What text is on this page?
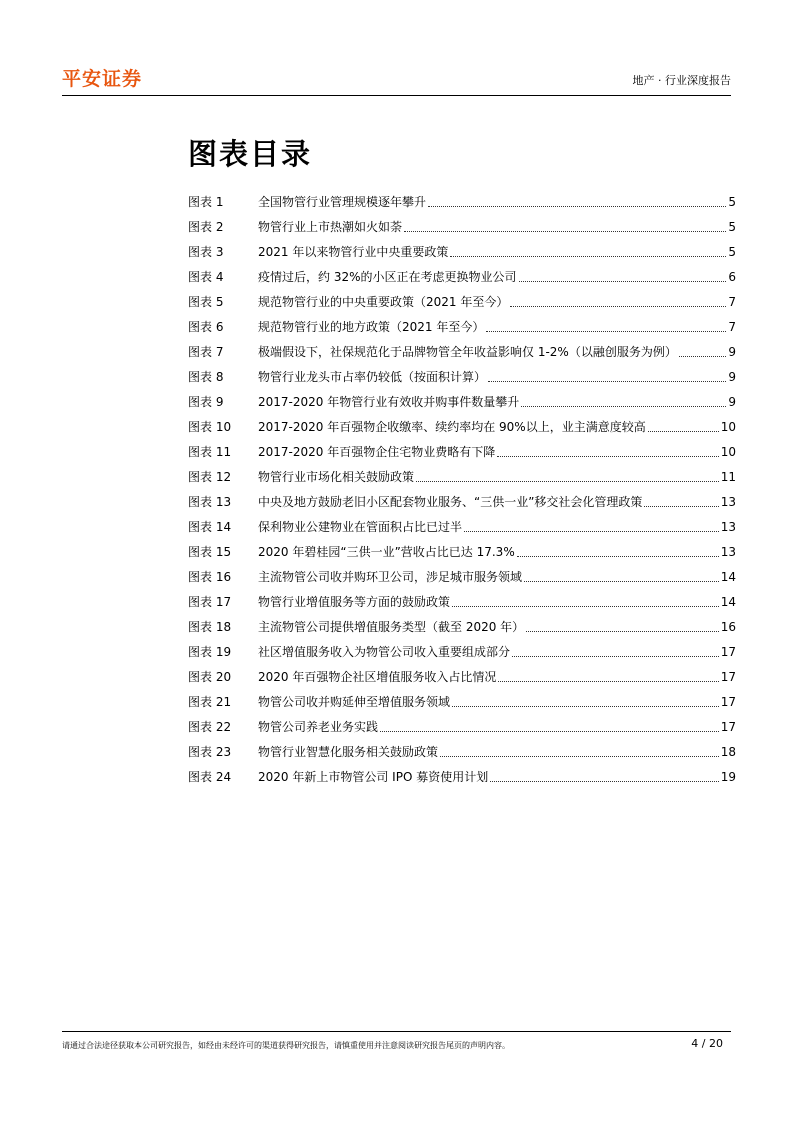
平安证券	地产 · 行业深度报告
图表目录
图表 1	全国物管行业管理规模逐年攀升	5
图表 2	物管行业上市热潮如火如荼	5
图表 3	2021 年以来物管行业中央重要政策	5
图表 4	疫情过后，约 32%的小区正在考虑更换物业公司	6
图表 5	规范物管行业的中央重要政策（2021 年至今）	7
图表 6	规范物管行业的地方政策（2021 年至今）	7
图表 7	极端假设下，社保规范化于品牌物管全年收益影响仅 1-2%（以融创服务为例）	9
图表 8	物管行业龙头市占率仍较低（按面积计算）	9
图表 9	2017-2020 年物管行业有效收并购事件数量攀升	9
图表 10	2017-2020 年百强物企收缴率、续约率均在 90%以上，业主满意度较高	10
图表 11	2017-2020 年百强物企住宅物业费略有下降	10
图表 12	物管行业市场化相关鼓励政策	11
图表 13	中央及地方鼓励老旧小区配套物业服务、“三供一业”移交社会化管理政策	13
图表 14	保利物业公建物业在管面积占比已过半	13
图表 15	2020 年碧桂园“三供一业”营收占比已达 17.3%	13
图表 16	主流物管公司收并购环卫公司，涉足城市服务领域	14
图表 17	物管行业增值服务等方面的鼓励政策	14
图表 18	主流物管公司提供增值服务类型（截至 2020 年）	16
图表 19	社区增值服务收入为物管公司收入重要组成部分	17
图表 20	2020 年百强物企社区增值服务收入占比情况	17
图表 21	物管公司收并购延伸至增值服务领域	17
图表 22	物管公司养老业务实践	17
图表 23	物管行业智慧化服务相关鼓励政策	18
图表 24	2020 年新上市物管公司 IPO 募资使用计划	19
请通过合法途径获取本公司研究报告，如经由未经许可的渠道获得研究报告，请慎重使用并注意阅读研究报告尾页的声明内容。	4 / 20
